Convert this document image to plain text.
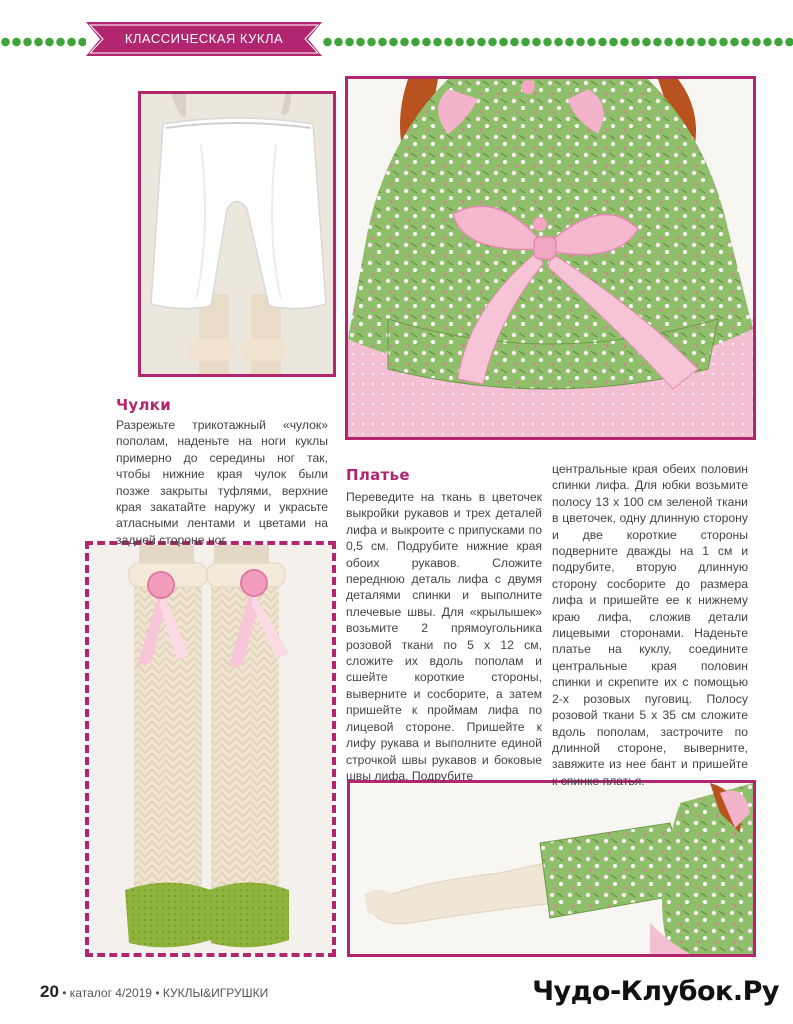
КЛАССИЧЕСКАЯ КУКЛА
Чулки
Разрежьте трикотажный «чулок» пополам, наденьте на ноги куклы примерно до середины ног так, чтобы нижние края чулок были позже закрыты туфлями, верхние края закатайте наружу и украсьте атласными лентами и цветами на задней стороне ног.
Платье
Переведите на ткань в цветочек выкройки рукавов и трех деталей лифа и выкроите с припусками по 0,5 см. Подрубите нижние края обоих рукавов. Сложите переднюю деталь лифа с двумя деталями спинки и выполните плечевые швы. Для «крылышек» возьмите 2 прямоугольника розовой ткани по 5 х 12 см, сложите их вдоль пополам и сшейте короткие стороны, выверните и сосборите, а затем пришейте к проймам лифа по лицевой стороне. Пришейте к лифу рукава и выполните единой строчкой швы рукавов и боковые швы лифа. Подрубите
центральные края обеих половин спинки лифа. Для юбки возьмите полосу 13 х 100 см зеленой ткани в цветочек, одну длинную сторону и две короткие стороны подверните дважды на 1 см и подрубите, вторую длинную сторону сосборите до размера лифа и пришейте ее к нижнему краю лифа, сложив детали лицевыми сторонами. Наденьте платье на куклу, соедините центральные края половин спинки и скрепите их с помощью 2-х розовых пуговиц. Полосу розовой ткани 5 х 35 см сложите вдоль пополам, застрочите по длинной стороне, выверните, завяжите из нее бант и пришейте к спинке платья.
20 • каталог 4/2019 • КУКЛЫ&ИГРУШКИ	Чудо-Клубок.Ру
